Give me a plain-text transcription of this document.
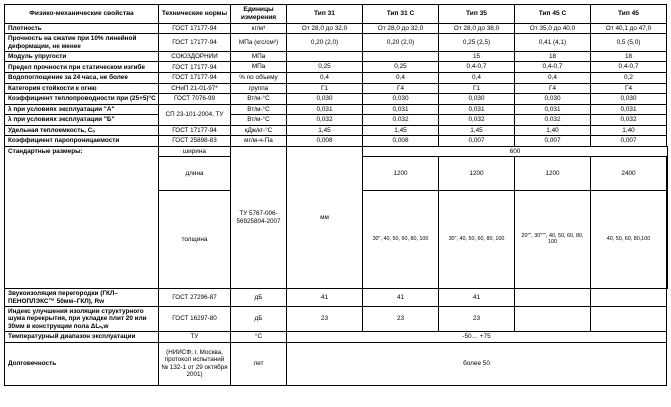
Физико-механические свойства	Технические нормы	Единицы измерения	Тип 31	Тип 31 С	Тип 35	Тип 45 С	Тип 45	
Плотность	ГОСТ 17177-94	кг/м³	От 28,0 до 32,0	От 28,0 до 32,0	От 28,0 до 38,0	От 35,0 до 40,0	От 40,1 до 47,0	
Прочность на сжатие при 10% линейной деформации, не менее	ГОСТ 17177-94	МПа (кгс/см²)	0,20 (2,0)	0,20 (2,0)	0,25 (2,5)	0,41 (4,1)	0,5 (5,0)	
Модуль упругости	СОЮЗДОРНИИ	МПа			15	18	18	
Предел прочности при статическом изгибе	ГОСТ 17177-94	МПа	0,25	0,25	0,4-0,7	0,4-0,7	0,4-0,7	
Водопоглощение за 24 часа, не более	ГОСТ 17177-94	% по объему	0,4	0,4	0,4	0,4	0,2	
Категория стойкости к огню	СНиП 21-01-97*	группа	Г1	Г4	Г1	Г4	Г4	
Коэффициент теплопроводности при (25+5)°С	ГОСТ 7076-99	Вт/м-°С	0,030	0,030	0,030	0,030	0,030	
λ при условиях эксплуатации "А"	СП 23-101-2004, ТУ	Вт/м-°С	0,031	0,031	0,031	0,031	0,031	
λ при условиях эксплуатации "Б"		Вт/м-°С	0,032	0,032	0,032	0,032	0,032	
Удельная теплоемкость, Сₒ	ГОСТ 17177-94	кДж/кг-°С	1,45	1,45	1,45	1,40	1,40	
Коэффициент паропроницаемости	ГОСТ 25898-83	мг/м-ч-Па	0,008	0,008	0,007	0,007	0,007	
Стандартные размеры:	ширина	ТУ 5767-006-56925804-2007	мм	600				
	длина			1200	1200	1200	2400	
	толщина			30", 40, 50, 60, 80, 100	30", 40, 50, 60, 80, 100	20"", 30""", 40, 50, 60, 80, 100	40, 50, 60, 80,100	
Звукоизоляция перегородки (ГКЛ–ПЕНОПЛЭКС™ 50мм–ГКЛ), Rw	ГОСТ 27296-87	дБ	41	41	41			
Индекс улучшения изоляции структурного шума перекрытия, при укладке плит 20 или 30мм в конструкции пола ΔLₙ,w	ГОСТ 16297-80	дБ	23	23	23			
Температурный диапазон эксплуатации	ТУ	°С	-50… +75					
Долговечность	(НИИСФ, г. Москва, протокол испытаний № 132-1 от 29 октября 2001)	лет	более 50					
